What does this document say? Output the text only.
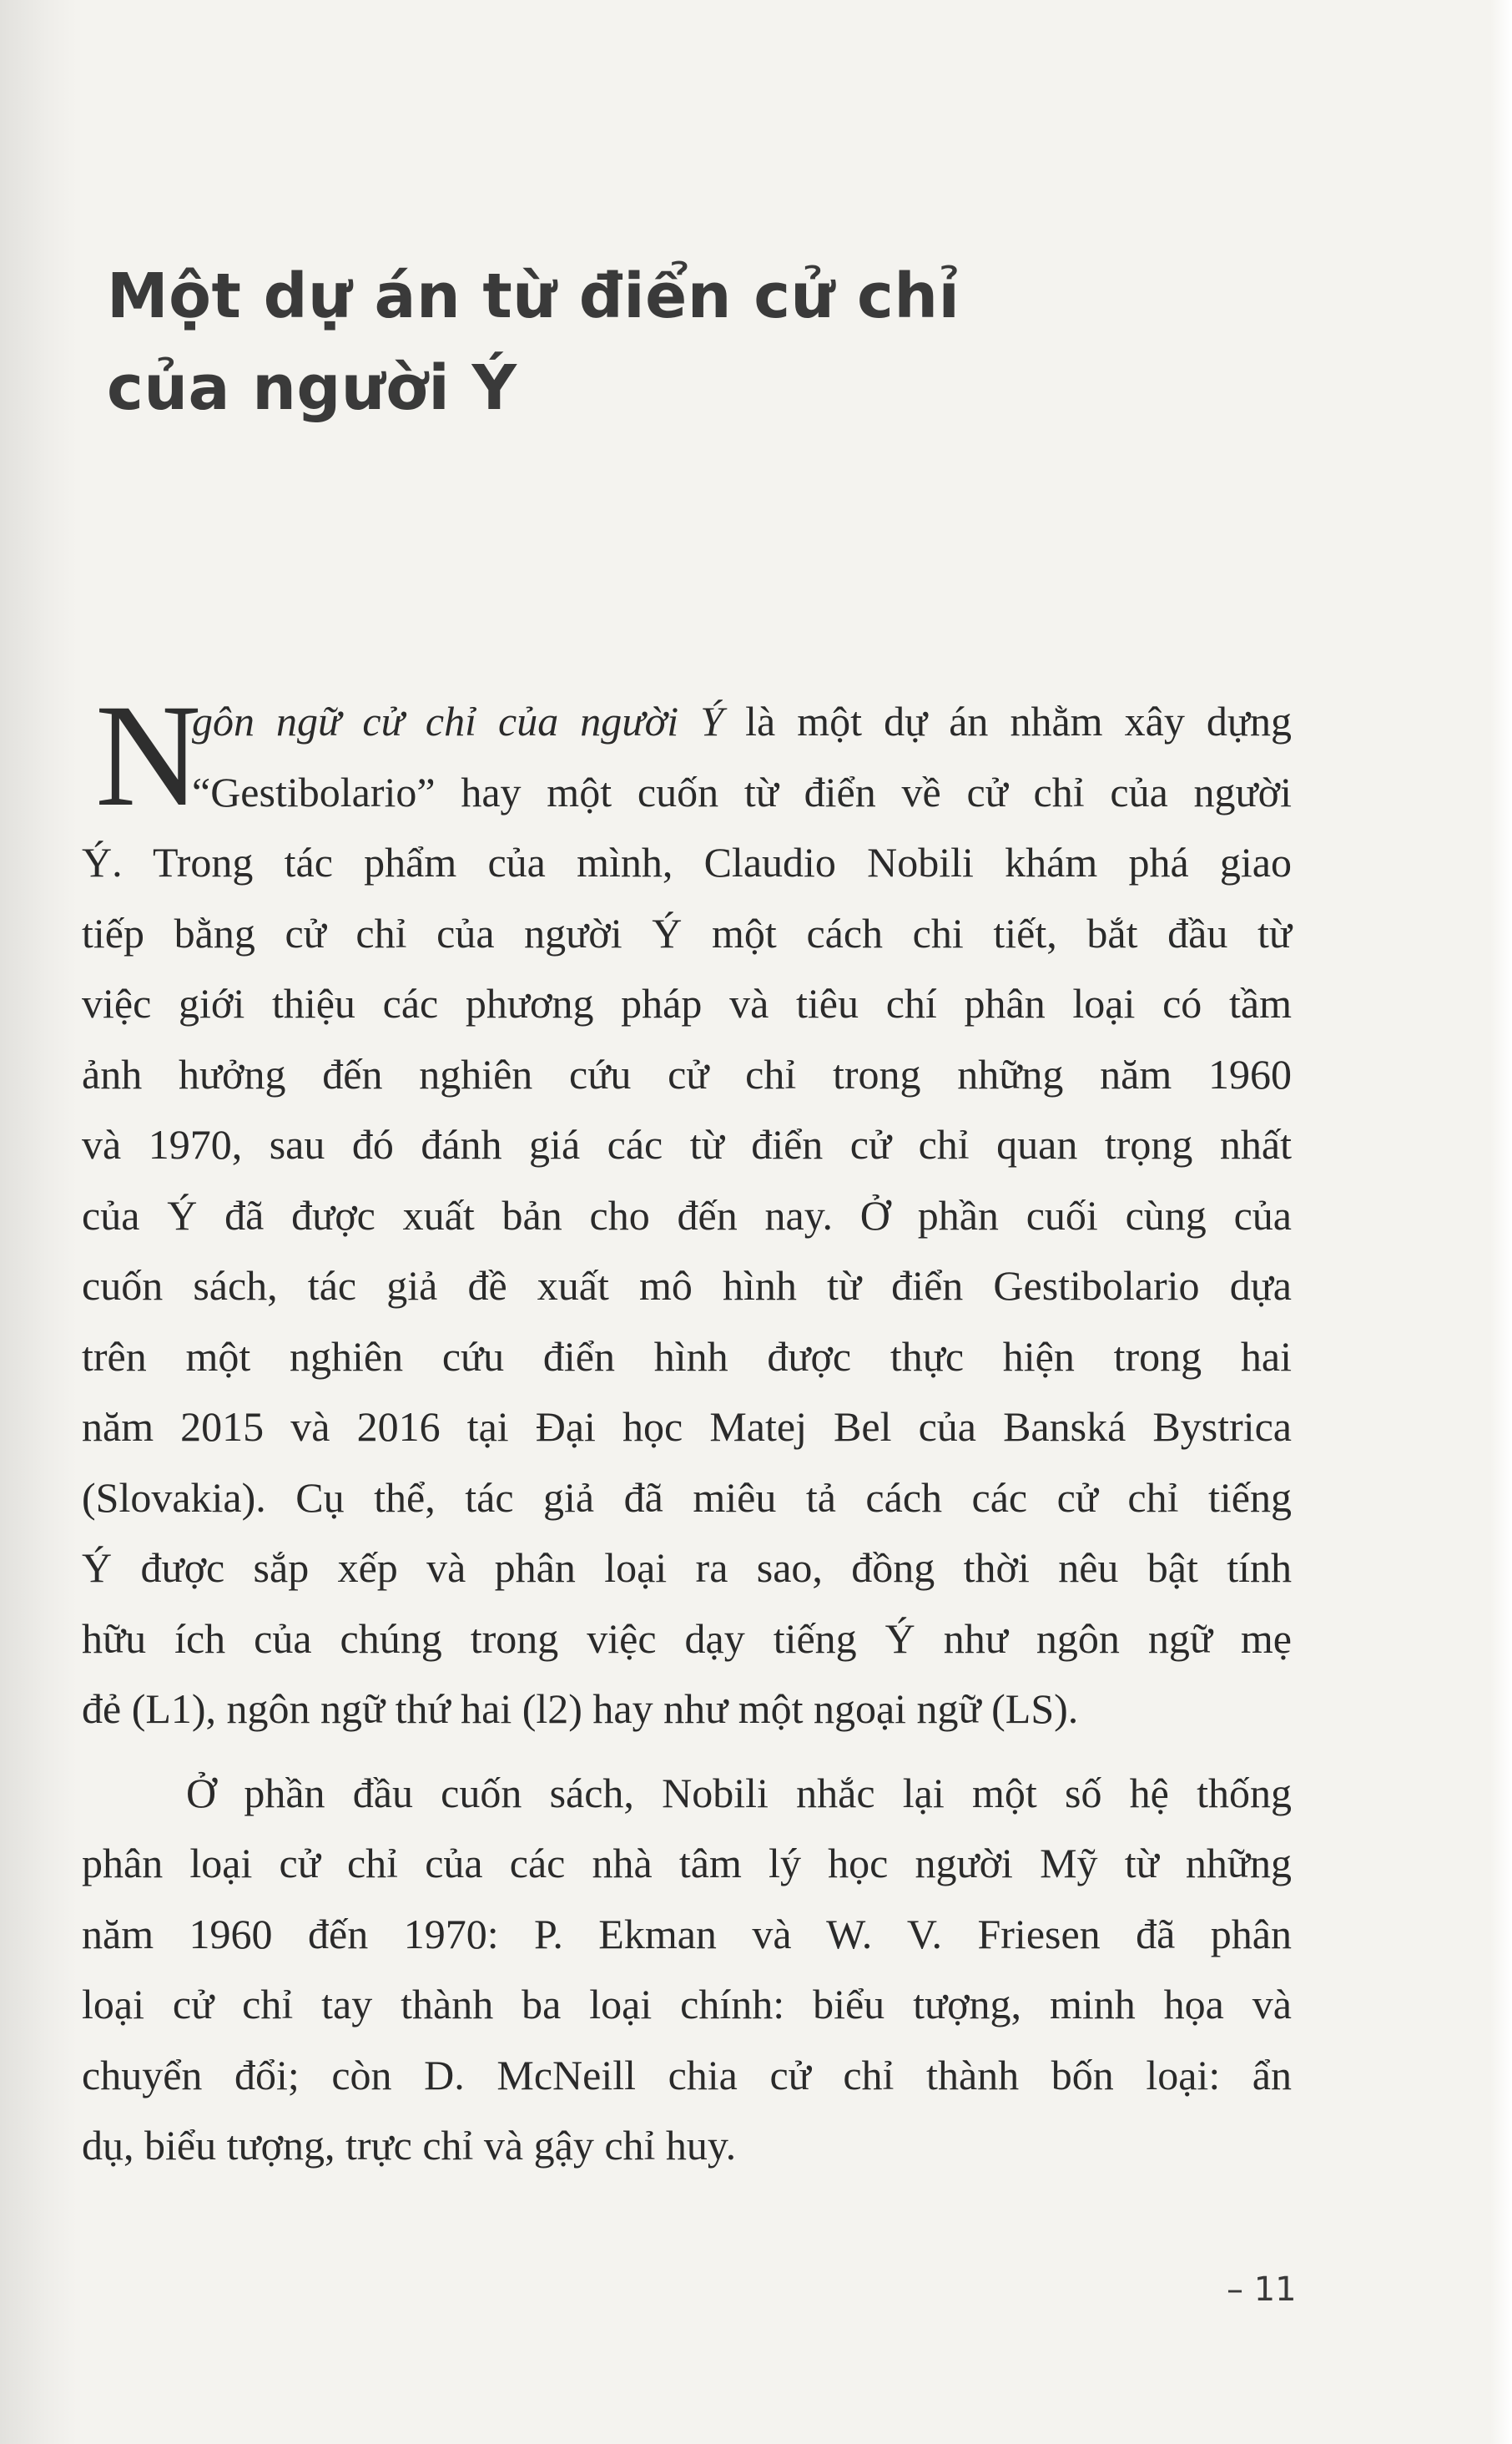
Một dự án từ điển cử chỉ
của người Ý
N
gôn ngữ cử chỉ của người Ý là một dự án nhằm xây dựng
“Gestibolario” hay một cuốn từ điển về cử chỉ của người
Ý. Trong tác phẩm của mình, Claudio Nobili khám phá giao
tiếp bằng cử chỉ của người Ý một cách chi tiết, bắt đầu từ
việc giới thiệu các phương pháp và tiêu chí phân loại có tầm
ảnh hưởng đến nghiên cứu cử chỉ trong những năm 1960
và 1970, sau đó đánh giá các từ điển cử chỉ quan trọng nhất
của Ý đã được xuất bản cho đến nay. Ở phần cuối cùng của
cuốn sách, tác giả đề xuất mô hình từ điển Gestibolario dựa
trên một nghiên cứu điển hình được thực hiện trong hai
năm 2015 và 2016 tại Đại học Matej Bel của Banská Bystrica
(Slovakia). Cụ thể, tác giả đã miêu tả cách các cử chỉ tiếng
Ý được sắp xếp và phân loại ra sao, đồng thời nêu bật tính
hữu ích của chúng trong việc dạy tiếng Ý như ngôn ngữ mẹ
đẻ (L1), ngôn ngữ thứ hai (l2) hay như một ngoại ngữ (LS).
Ở phần đầu cuốn sách, Nobili nhắc lại một số hệ thống
phân loại cử chỉ của các nhà tâm lý học người Mỹ từ những
năm 1960 đến 1970: P. Ekman và W. V. Friesen đã phân
loại cử chỉ tay thành ba loại chính: biểu tượng, minh họa và
chuyển đổi; còn D. McNeill chia cử chỉ thành bốn loại: ẩn
dụ, biểu tượng, trực chỉ và gậy chỉ huy.
– 11
